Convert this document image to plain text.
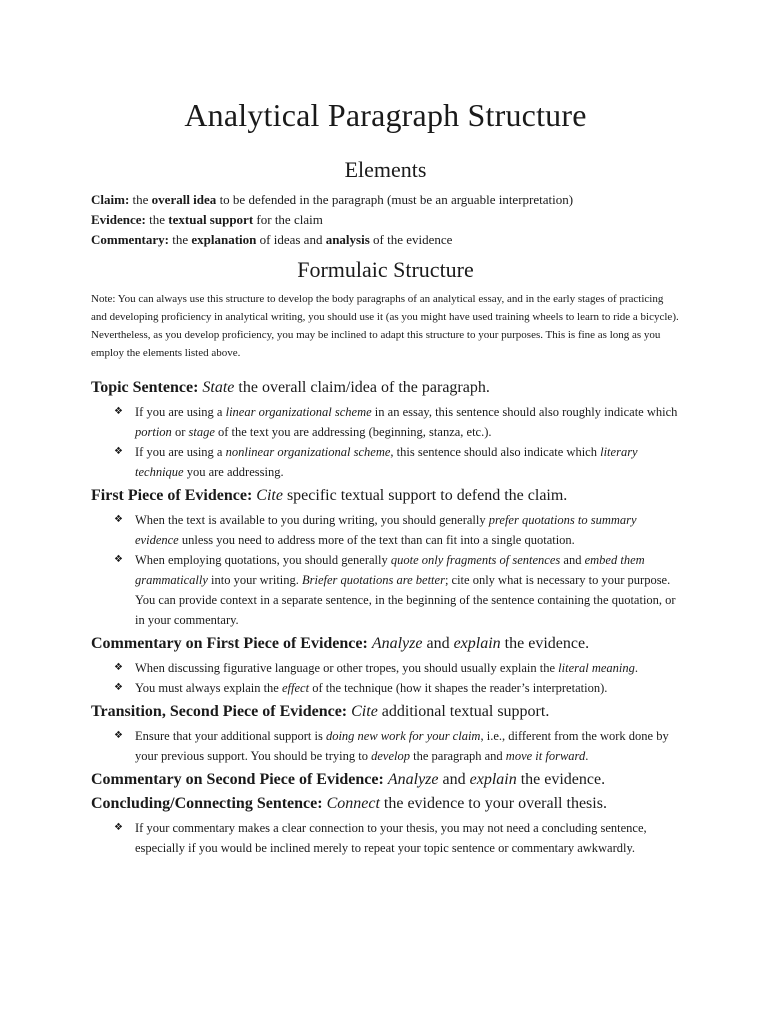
Analytical Paragraph Structure
Elements
Claim: the overall idea to be defended in the paragraph (must be an arguable interpretation)
Evidence: the textual support for the claim
Commentary: the explanation of ideas and analysis of the evidence
Formulaic Structure

Note: You can always use this structure to develop the body paragraphs of an analytical essay, and in the early stages of practicing and developing proficiency in analytical writing, you should use it (as you might have used training wheels to learn to ride a bicycle). Nevertheless, as you develop proficiency, you may be inclined to adapt this structure to your purposes. This is fine as long as you employ the elements listed above.

Topic Sentence: State the overall claim/idea of the paragraph.
❖ If you are using a linear organizational scheme in an essay, this sentence should also roughly indicate which portion or stage of the text you are addressing (beginning, stanza, etc.).
❖ If you are using a nonlinear organizational scheme, this sentence should also indicate which literary technique you are addressing.
First Piece of Evidence: Cite specific textual support to defend the claim.
❖ When the text is available to you during writing, you should generally prefer quotations to summary evidence unless you need to address more of the text than can fit into a single quotation.
❖ When employing quotations, you should generally quote only fragments of sentences and embed them grammatically into your writing. Briefer quotations are better; cite only what is necessary to your purpose. You can provide context in a separate sentence, in the beginning of the sentence containing the quotation, or in your commentary.
Commentary on First Piece of Evidence: Analyze and explain the evidence.
❖ When discussing figurative language or other tropes, you should usually explain the literal meaning.
❖ You must always explain the effect of the technique (how it shapes the reader’s interpretation).
Transition, Second Piece of Evidence: Cite additional textual support.
❖ Ensure that your additional support is doing new work for your claim, i.e., different from the work done by your previous support. You should be trying to develop the paragraph and move it forward.
Commentary on Second Piece of Evidence: Analyze and explain the evidence.
Concluding/Connecting Sentence: Connect the evidence to your overall thesis.
❖ If your commentary makes a clear connection to your thesis, you may not need a concluding sentence, especially if you would be inclined merely to repeat your topic sentence or commentary awkwardly.
